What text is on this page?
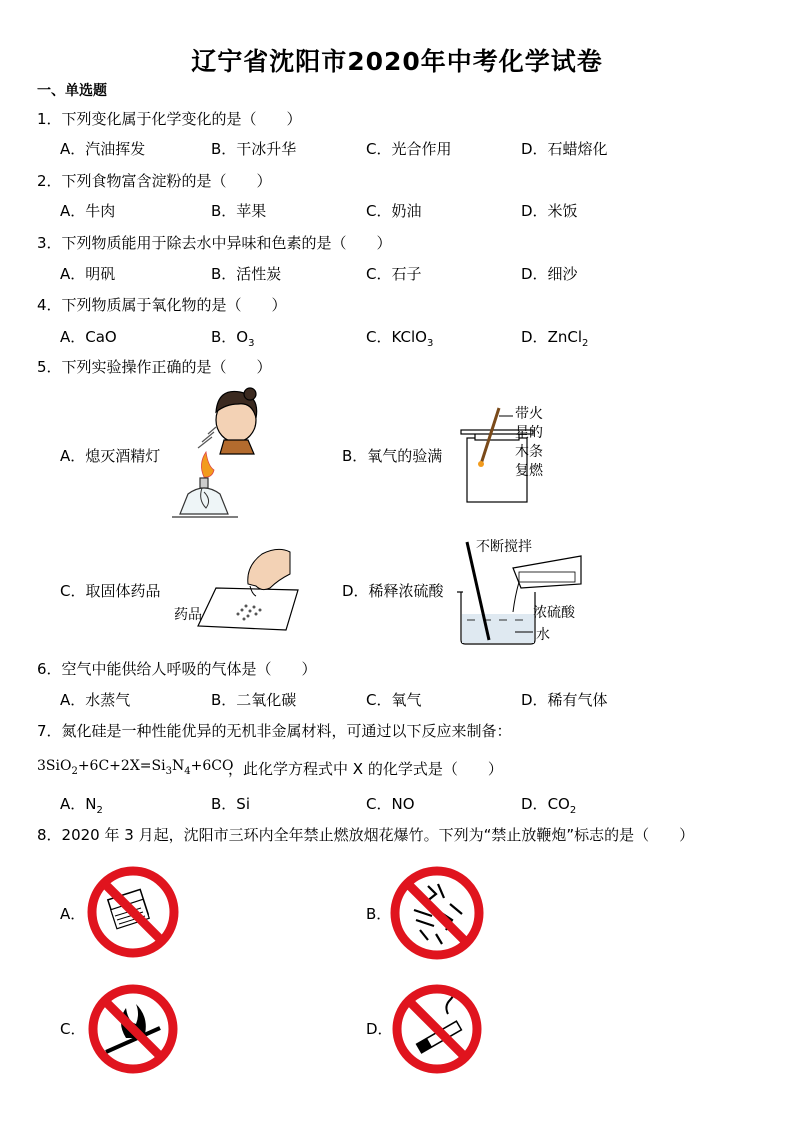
辽宁省沈阳市2020年中考化学试卷
一、单选题
1．下列变化属于化学变化的是（　　）
A．汽油挥发	B．干冰升华	C．光合作用	D．石蜡熔化
2．下列食物富含淀粉的是（　　）
A．牛肉	B．苹果	C．奶油	D．米饭
3．下列物质能用于除去水中异味和色素的是（　　）
A．明矾	B．活性炭	C．石子	D．细沙
4．下列物质属于氧化物的是（　　）
A．CaO	B．$O_3$	C．KClO$_3$	D．ZnCl$_2$
5．下列实验操作正确的是（　　）
A．熄灭酒精灯	B．氧气的验满
C．取固体药品	D．稀释浓硫酸
带火
星的
木条
复燃
药品
不断搅拌
浓硫酸
水
6．空气中能供给人呼吸的气体是（　　）
A．水蒸气	B．二氧化碳	C．氧气	D．稀有气体
7．氮化硅是一种性能优异的无机非金属材料，可通过以下反应来制备：
$3SiO_2+6C+2X=Si_3N_4+6CO$
，此化学方程式中 X 的化学式是（　　）
A．$N_2$	B．Si	C．NO	D．$CO_2$
8．2020 年 3 月起，沈阳市三环内全年禁止燃放烟花爆竹。下列为“禁止放鞭炮”标志的是（　　）
A．	B．
C．	D．
